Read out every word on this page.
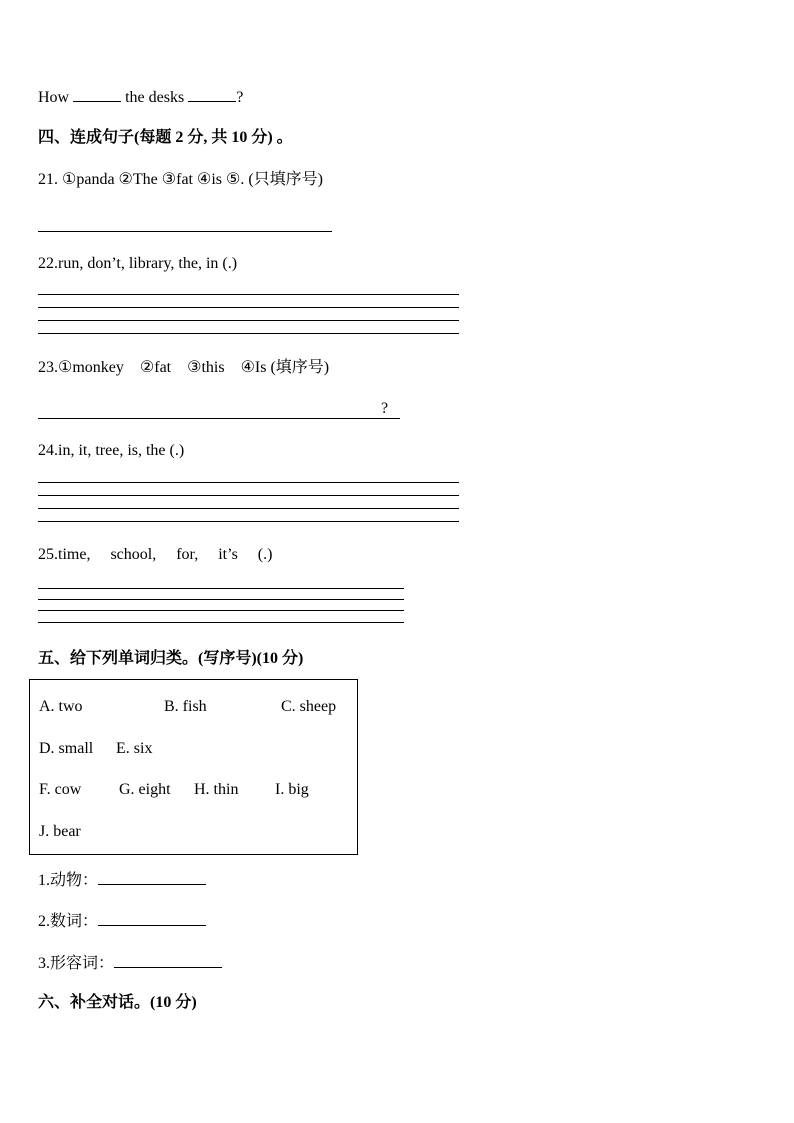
How	the desks	?
四、连成句子(每题 2 分, 共 10 分) 。
21. ①panda ②The ③fat ④is ⑤. (只填序号)
22.run, don’t, library, the, in (.)
23.①monkey    ②fat    ③this    ④Is (填序号)
?
24.in, it, tree, is, the (.)
25.time,     school,     for,     it’s     (.)
五、给下列单词归类。(写序号)(10 分)
A. two	B. fish	C. sheep
D. small E. six
F. cow G. eight H. thin I. big
J. bear
1.动物：
2.数词：
3.形容词：
六、补全对话。(10 分)
